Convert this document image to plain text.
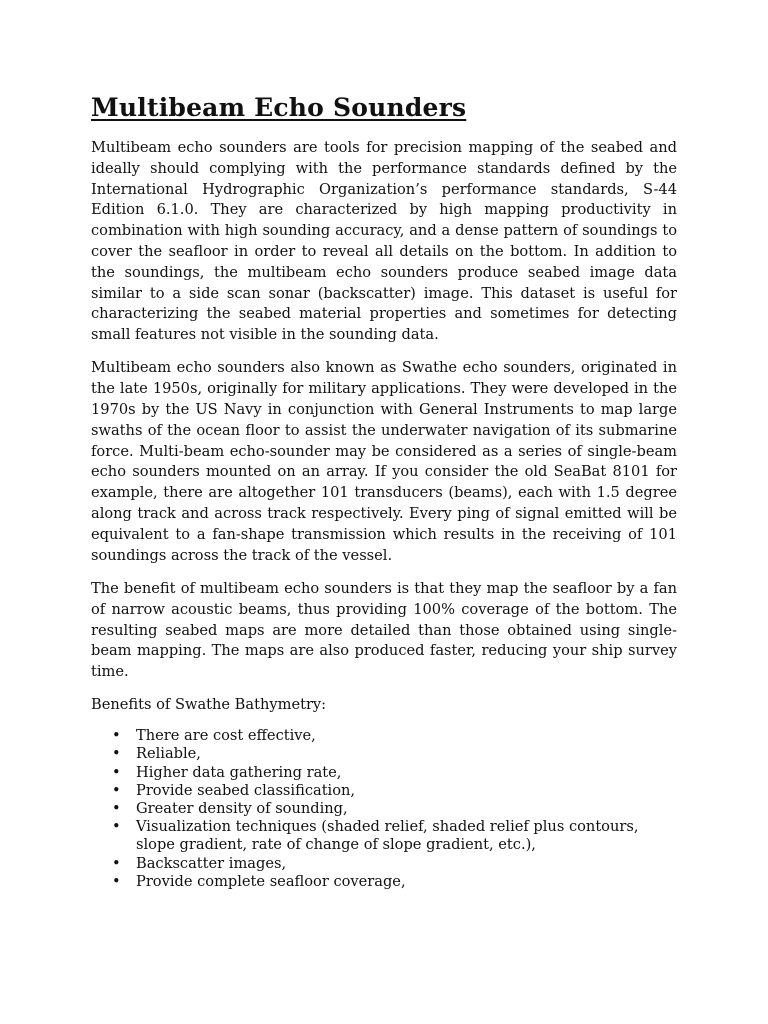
Multibeam Echo Sounders

Multibeam echo sounders are tools for precision mapping of the seabed and ideally should complying with the performance standards defined by the International Hydrographic Organization’s performance standards, S-44 Edition 6.1.0. They are characterized by high mapping productivity in combination with high sounding accuracy, and a dense pattern of soundings to cover the seafloor in order to reveal all details on the bottom. In addition to the soundings, the multibeam echo sounders produce seabed image data similar to a side scan sonar (backscatter) image. This dataset is useful for characterizing the seabed material properties and sometimes for detecting small features not visible in the sounding data.

Multibeam echo sounders also known as Swathe echo sounders, originated in the late 1950s, originally for military applications. They were developed in the 1970s by the US Navy in conjunction with General Instruments to map large swaths of the ocean floor to assist the underwater navigation of its submarine force. Multi-beam echo-sounder may be considered as a series of single-beam echo sounders mounted on an array. If you consider the old SeaBat 8101 for example, there are altogether 101 transducers (beams), each with 1.5 degree along track and across track respectively. Every ping of signal emitted will be equivalent to a fan-shape transmission which results in the receiving of 101 soundings across the track of the vessel.

The benefit of multibeam echo sounders is that they map the seafloor by a fan of narrow acoustic beams, thus providing 100% coverage of the bottom. The resulting seabed maps are more detailed than those obtained using single-beam mapping. The maps are also produced faster, reducing your ship survey time.

Benefits of Swathe Bathymetry:

• There are cost effective,
• Reliable,
• Higher data gathering rate,
• Provide seabed classification,
• Greater density of sounding,
• Visualization techniques (shaded relief, shaded relief plus contours, slope gradient, rate of change of slope gradient, etc.),
• Backscatter images,
• Provide complete seafloor coverage,
